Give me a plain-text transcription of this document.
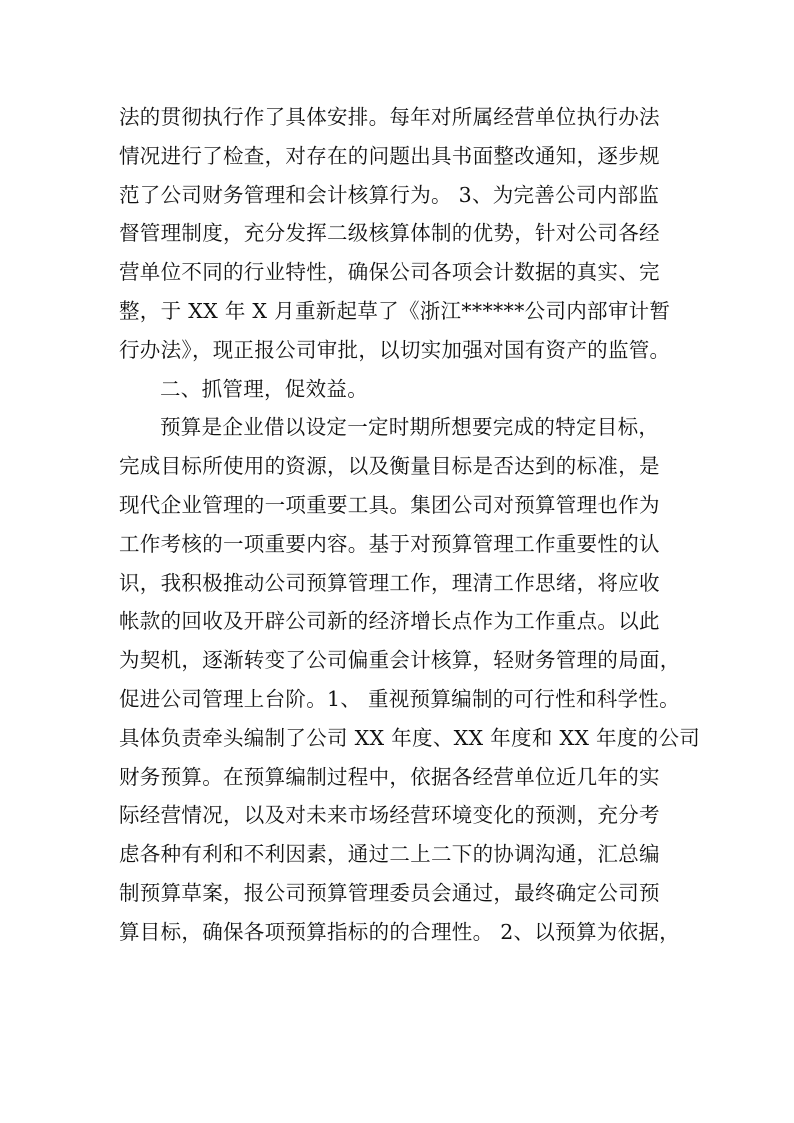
法的贯彻执行作了具体安排。每年对所属经营单位执行办法
情况进行了检查，对存在的问题出具书面整改通知，逐步规
范了公司财务管理和会计核算行为。 3、为完善公司内部监
督管理制度，充分发挥二级核算体制的优势，针对公司各经
营单位不同的行业特性，确保公司各项会计数据的真实、完
整，于 XX 年 X 月重新起草了《浙江******公司内部审计暂
行办法》，现正报公司审批，以切实加强对国有资产的监管。
二、抓管理，促效益。
预算是企业借以设定一定时期所想要完成的特定目标，
完成目标所使用的资源，以及衡量目标是否达到的标准，是
现代企业管理的一项重要工具。集团公司对预算管理也作为
工作考核的一项重要内容。基于对预算管理工作重要性的认
识，我积极推动公司预算管理工作，理清工作思绪，将应收
帐款的回收及开辟公司新的经济增长点作为工作重点。以此
为契机，逐渐转变了公司偏重会计核算，轻财务管理的局面，
促进公司管理上台阶。1、 重视预算编制的可行性和科学性。
具体负责牵头编制了公司 XX 年度、XX 年度和 XX 年度的公司
财务预算。在预算编制过程中，依据各经营单位近几年的实
际经营情况，以及对未来市场经营环境变化的预测，充分考
虑各种有利和不利因素，通过二上二下的协调沟通，汇总编
制预算草案，报公司预算管理委员会通过，最终确定公司预
算目标，确保各项预算指标的的合理性。 2、以预算为依据，
